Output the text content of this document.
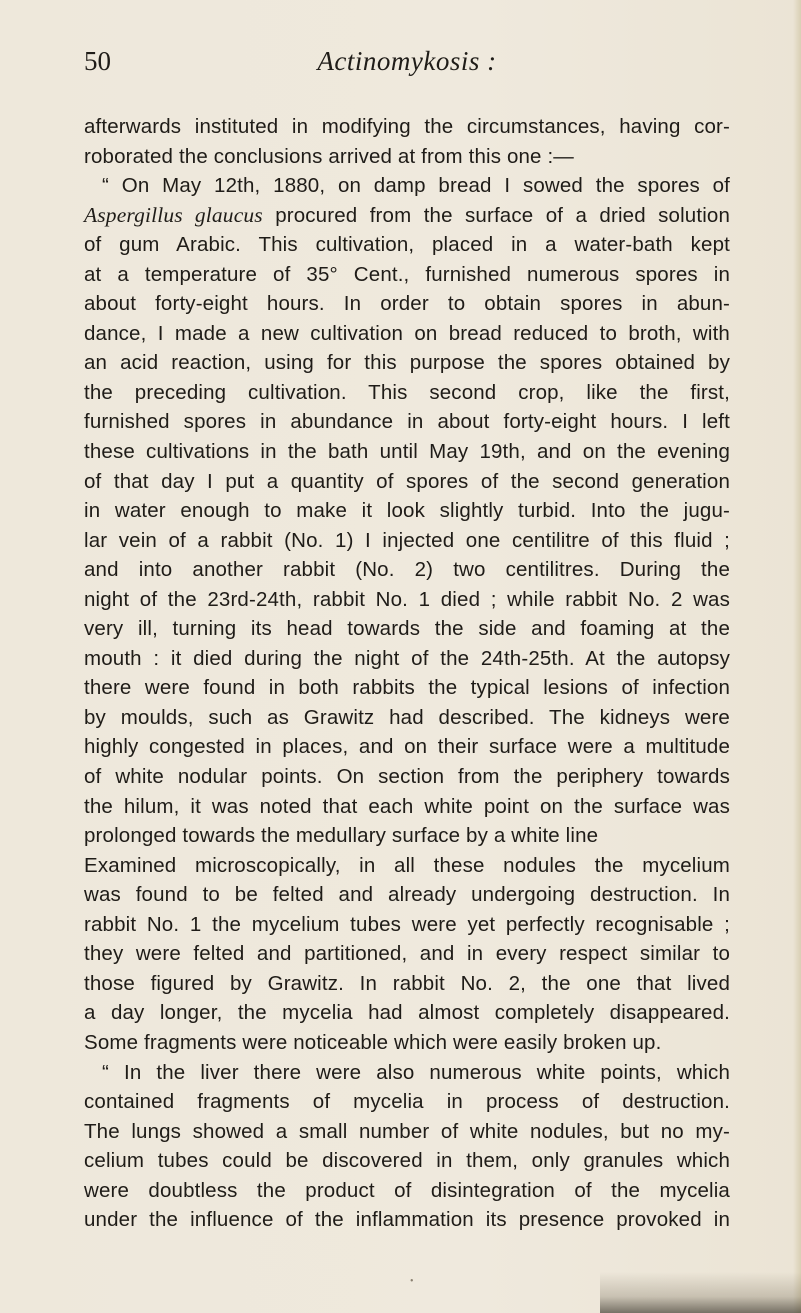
50	Actinomykosis :
afterwards instituted in modifying the circumstances, having cor-
roborated the conclusions arrived at from this one :—
“ On May 12th, 1880, on damp bread I sowed the spores of
Aspergillus glaucus procured from the surface of a dried solution
of gum Arabic. This cultivation, placed in a water-bath kept
at a temperature of 35° Cent., furnished numerous spores in
about forty-eight hours. In order to obtain spores in abun-
dance, I made a new cultivation on bread reduced to broth, with
an acid reaction, using for this purpose the spores obtained by
the preceding cultivation. This second crop, like the first,
furnished spores in abundance in about forty-eight hours. I left
these cultivations in the bath until May 19th, and on the evening
of that day I put a quantity of spores of the second generation
in water enough to make it look slightly turbid. Into the jugu-
lar vein of a rabbit (No. 1) I injected one centilitre of this fluid ;
and into another rabbit (No. 2) two centilitres. During the
night of the 23rd-24th, rabbit No. 1 died ; while rabbit No. 2 was
very ill, turning its head towards the side and foaming at the
mouth : it died during the night of the 24th-25th. At the autopsy
there were found in both rabbits the typical lesions of infection
by moulds, such as Grawitz had described. The kidneys were
highly congested in places, and on their surface were a multitude
of white nodular points. On section from the periphery towards
the hilum, it was noted that each white point on the surface was
prolonged towards the medullary surface by a white line
Examined microscopically, in all these nodules the mycelium
was found to be felted and already undergoing destruction. In
rabbit No. 1 the mycelium tubes were yet perfectly recognisable ;
they were felted and partitioned, and in every respect similar to
those figured by Grawitz. In rabbit No. 2, the one that lived
a day longer, the mycelia had almost completely disappeared.
Some fragments were noticeable which were easily broken up.
“ In the liver there were also numerous white points, which
contained fragments of mycelia in process of destruction.
The lungs showed a small number of white nodules, but no my-
celium tubes could be discovered in them, only granules which
were doubtless the product of disintegration of the mycelia
under the influence of the inflammation its presence provoked in
•
